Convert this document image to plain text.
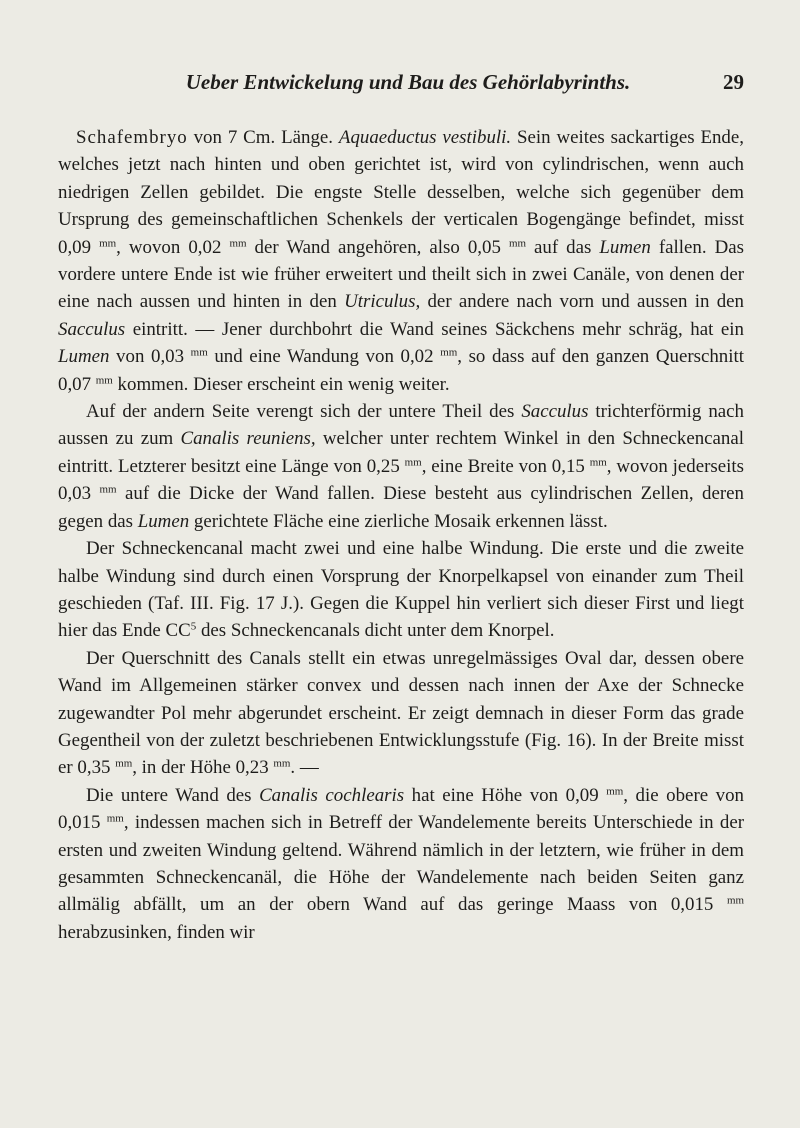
Ueber Entwickelung und Bau des Gehörlabyrinths.	29

Schafembryo von 7 Cm. Länge. Aquaeductus vestibuli. Sein weites sackartiges Ende, welches jetzt nach hinten und oben gerichtet ist, wird von cylindrischen, wenn auch niedrigen Zellen gebildet. Die engste Stelle desselben, welche sich gegenüber dem Ursprung des gemeinschaftlichen Schenkels der verticalen Bogengänge befindet, misst 0,09 $^{mm}$, wovon 0,02 $^{mm}$ der Wand angehören, also 0,05 $^{mm}$ auf das Lumen fallen. Das vordere untere Ende ist wie früher erweitert und theilt sich in zwei Canäle, von denen der eine nach aussen und hinten in den Utriculus, der andere nach vorn und aussen in den Sacculus eintritt. — Jener durchbohrt die Wand seines Säckchens mehr schräg, hat ein Lumen von 0,03 $^{mm}$ und eine Wandung von 0,02 $^{mm}$, so dass auf den ganzen Querschnitt 0,07 $^{mm}$ kommen. Dieser erscheint ein wenig weiter.

Auf der andern Seite verengt sich der untere Theil des Sacculus trichterförmig nach aussen zu zum Canalis reuniens, welcher unter rechtem Winkel in den Schneckencanal eintritt. Letzterer besitzt eine Länge von 0,25 $^{mm}$, eine Breite von 0,15 $^{mm}$, wovon jederseits 0,03 $^{mm}$ auf die Dicke der Wand fallen. Diese besteht aus cylindrischen Zellen, deren gegen das Lumen gerichtete Fläche eine zierliche Mosaik erkennen lässt.

Der Schneckencanal macht zwei und eine halbe Windung. Die erste und die zweite halbe Windung sind durch einen Vorsprung der Knorpelkapsel von einander zum Theil geschieden (Taf. III. Fig. 17 J.). Gegen die Kuppel hin verliert sich dieser First und liegt hier das Ende $CC^5$ des Schneckencanals dicht unter dem Knorpel.

Der Querschnitt des Canals stellt ein etwas unregelmässiges Oval dar, dessen obere Wand im Allgemeinen stärker convex und dessen nach innen der Axe der Schnecke zugewandter Pol mehr abgerundet erscheint. Er zeigt demnach in dieser Form das grade Gegentheil von der zuletzt beschriebenen Entwicklungsstufe (Fig. 16). In der Breite misst er 0,35 $^{mm}$, in der Höhe 0,23 $^{mm}$. —

Die untere Wand des Canalis cochlearis hat eine Höhe von 0,09 $^{mm}$, die obere von 0,015 $^{mm}$, indessen machen sich in Betreff der Wandelemente bereits Unterschiede in der ersten und zweiten Windung geltend. Während nämlich in der letztern, wie früher in dem gesammten Schneckencanäl, die Höhe der Wandelemente nach beiden Seiten ganz allmälig abfällt, um an der obern Wand auf das geringe Maass von 0,015 $^{mm}$ herabzusinken, finden wir
